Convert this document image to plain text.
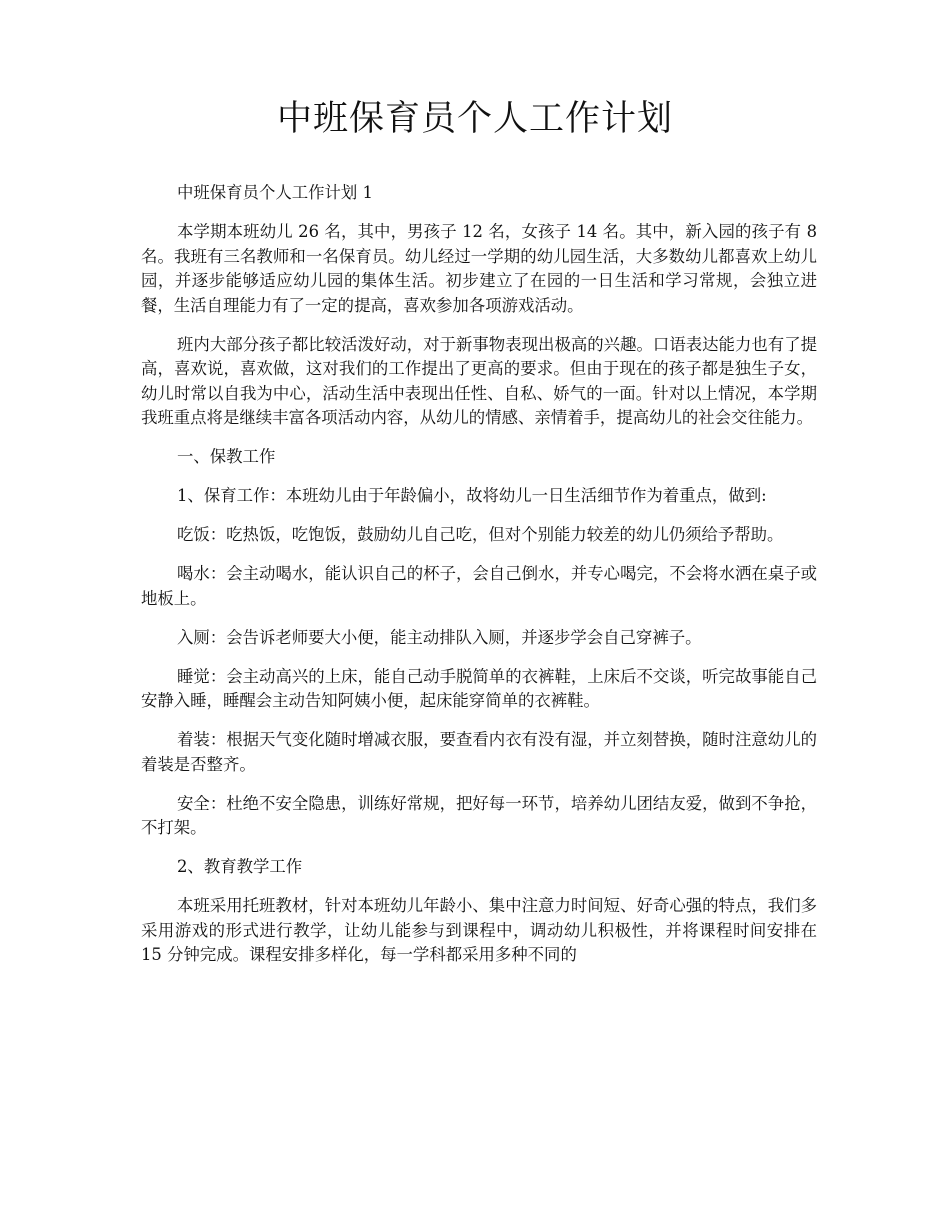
中班保育员个人工作计划

中班保育员个人工作计划 1

本学期本班幼儿 26 名，其中，男孩子 12 名，女孩子 14 名。其中，新入园的孩子有 8 名。我班有三名教师和一名保育员。幼儿经过一学期的幼儿园生活，大多数幼儿都喜欢上幼儿园，并逐步能够适应幼儿园的集体生活。初步建立了在园的一日生活和学习常规，会独立进餐，生活自理能力有了一定的提高，喜欢参加各项游戏活动。

班内大部分孩子都比较活泼好动，对于新事物表现出极高的兴趣。口语表达能力也有了提高，喜欢说，喜欢做，这对我们的工作提出了更高的要求。但由于现在的孩子都是独生子女，幼儿时常以自我为中心，活动生活中表现出任性、自私、娇气的一面。针对以上情况，本学期我班重点将是继续丰富各项活动内容，从幼儿的情感、亲情着手，提高幼儿的社会交往能力。

一、保教工作

1、保育工作：本班幼儿由于年龄偏小，故将幼儿一日生活细节作为着重点，做到:

吃饭：吃热饭，吃饱饭，鼓励幼儿自己吃，但对个别能力较差的幼儿仍须给予帮助。

喝水：会主动喝水，能认识自己的杯子，会自己倒水，并专心喝完，不会将水洒在桌子或地板上。

入厕：会告诉老师要大小便，能主动排队入厕，并逐步学会自己穿裤子。

睡觉：会主动高兴的上床，能自己动手脱简单的衣裤鞋，上床后不交谈，听完故事能自己安静入睡，睡醒会主动告知阿姨小便，起床能穿简单的衣裤鞋。

着装：根据天气变化随时增减衣服，要查看内衣有没有湿，并立刻替换，随时注意幼儿的着装是否整齐。

安全：杜绝不安全隐患，训练好常规，把好每一环节，培养幼儿团结友爱，做到不争抢，不打架。

2、教育教学工作

本班采用托班教材，针对本班幼儿年龄小、集中注意力时间短、好奇心强的特点，我们多采用游戏的形式进行教学，让幼儿能参与到课程中，调动幼儿积极性，并将课程时间安排在 15 分钟完成。课程安排多样化，每一学科都采用多种不同的
